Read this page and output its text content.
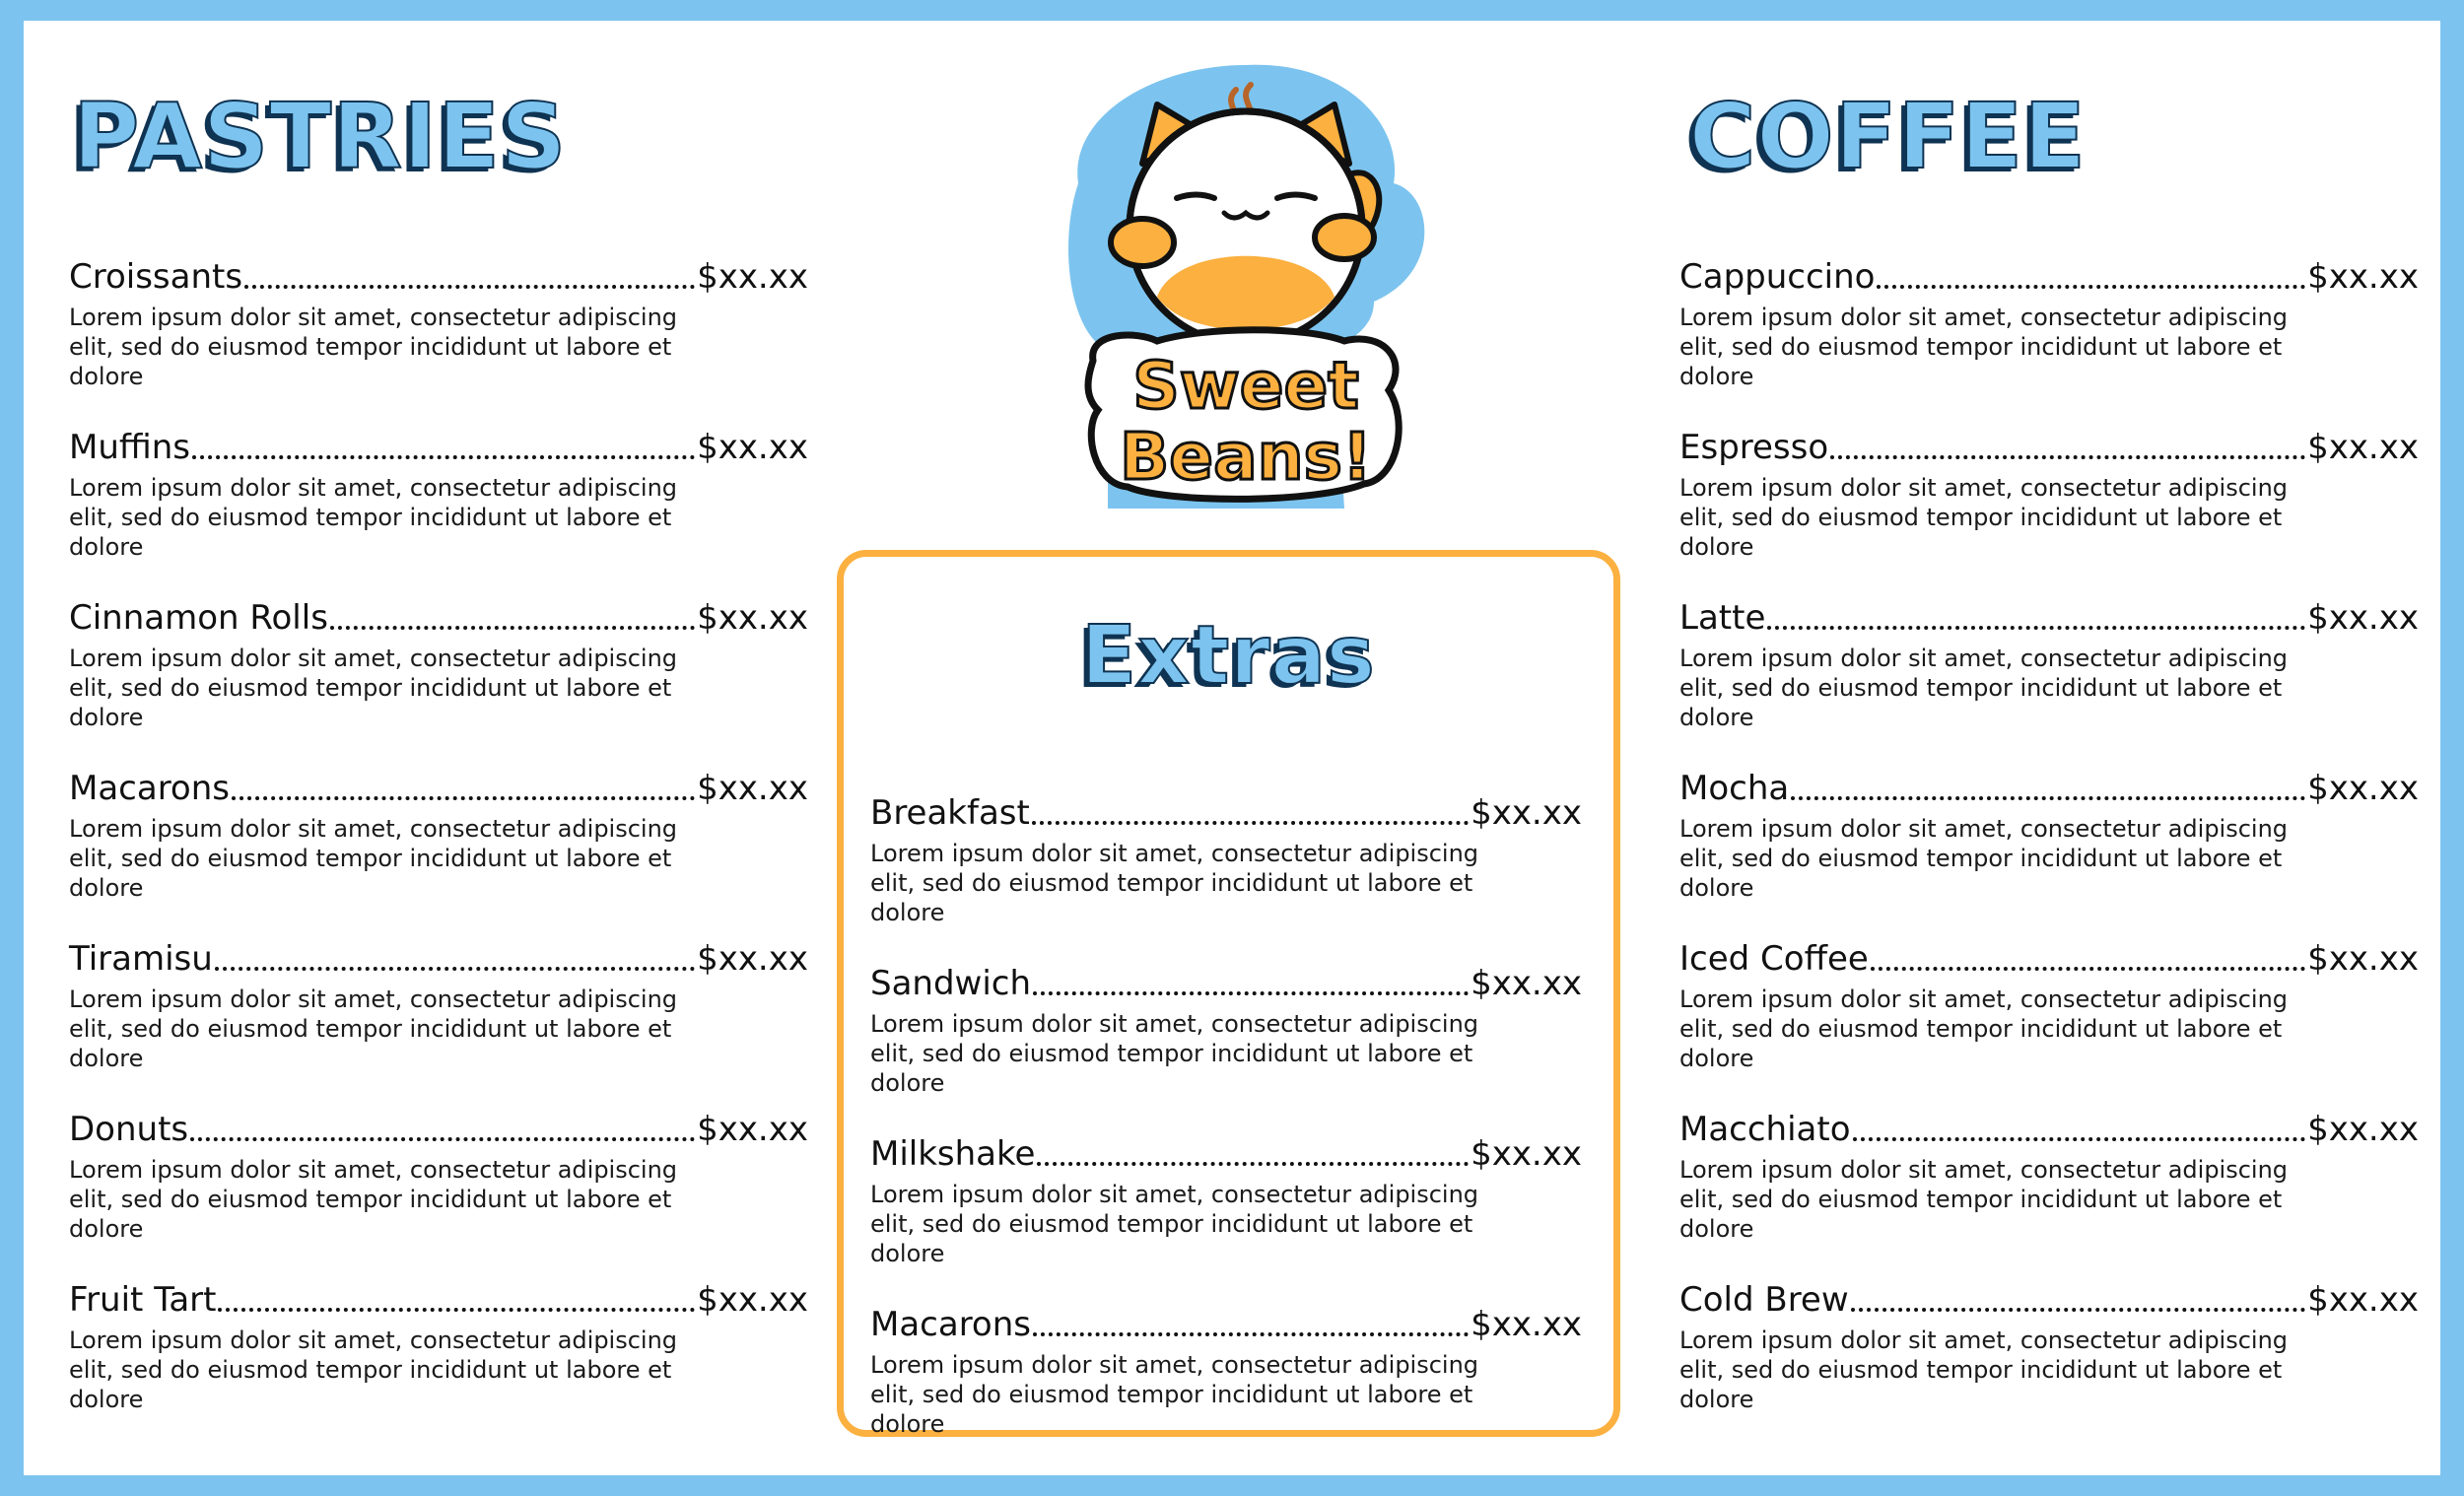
PASTRIES
Croissants	$xx.xx
Lorem ipsum dolor sit amet, consectetur adipiscing elit, sed do eiusmod tempor incididunt ut labore et dolore
Muffins	$xx.xx
Lorem ipsum dolor sit amet, consectetur adipiscing elit, sed do eiusmod tempor incididunt ut labore et dolore
Cinnamon Rolls	$xx.xx
Lorem ipsum dolor sit amet, consectetur adipiscing elit, sed do eiusmod tempor incididunt ut labore et dolore
Macarons	$xx.xx
Lorem ipsum dolor sit amet, consectetur adipiscing elit, sed do eiusmod tempor incididunt ut labore et dolore
Tiramisu	$xx.xx
Lorem ipsum dolor sit amet, consectetur adipiscing elit, sed do eiusmod tempor incididunt ut labore et dolore
Donuts	$xx.xx
Lorem ipsum dolor sit amet, consectetur adipiscing elit, sed do eiusmod tempor incididunt ut labore et dolore
Fruit Tart	$xx.xx
Lorem ipsum dolor sit amet, consectetur adipiscing elit, sed do eiusmod tempor incididunt ut labore et dolore
Sweet
Beans!
Extras
Breakfast	$xx.xx
Lorem ipsum dolor sit amet, consectetur adipiscing elit, sed do eiusmod tempor incididunt ut labore et dolore
Sandwich	$xx.xx
Lorem ipsum dolor sit amet, consectetur adipiscing elit, sed do eiusmod tempor incididunt ut labore et dolore
Milkshake	$xx.xx
Lorem ipsum dolor sit amet, consectetur adipiscing elit, sed do eiusmod tempor incididunt ut labore et dolore
Macarons	$xx.xx
Lorem ipsum dolor sit amet, consectetur adipiscing elit, sed do eiusmod tempor incididunt ut labore et dolore
COFFEE
Cappuccino	$xx.xx
Lorem ipsum dolor sit amet, consectetur adipiscing elit, sed do eiusmod tempor incididunt ut labore et dolore
Espresso	$xx.xx
Lorem ipsum dolor sit amet, consectetur adipiscing elit, sed do eiusmod tempor incididunt ut labore et dolore
Latte	$xx.xx
Lorem ipsum dolor sit amet, consectetur adipiscing elit, sed do eiusmod tempor incididunt ut labore et dolore
Mocha	$xx.xx
Lorem ipsum dolor sit amet, consectetur adipiscing elit, sed do eiusmod tempor incididunt ut labore et dolore
Iced Coffee	$xx.xx
Lorem ipsum dolor sit amet, consectetur adipiscing elit, sed do eiusmod tempor incididunt ut labore et dolore
Macchiato	$xx.xx
Lorem ipsum dolor sit amet, consectetur adipiscing elit, sed do eiusmod tempor incididunt ut labore et dolore
Cold Brew	$xx.xx
Lorem ipsum dolor sit amet, consectetur adipiscing elit, sed do eiusmod tempor incididunt ut labore et dolore
